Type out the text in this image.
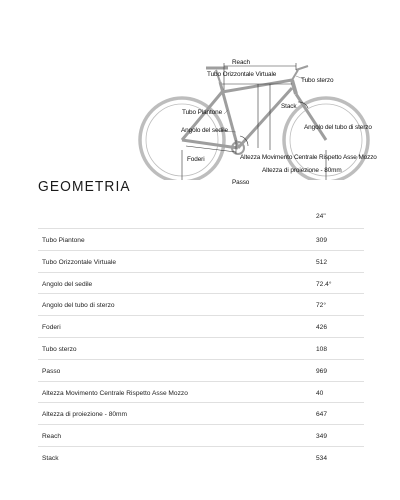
Reach
Tubo Orizzontale Virtuale
Tubo sterzo
Tubo Piantone
Stack
Angolo del sedile	Angolo del tubo di sterzo
Foderi	Altezza Movimento Centrale Rispetto Asse Mozzo
Altezza di proiezione - 80mm
Passo
GEOMETRIA
24"
Tubo Piantone	309
Tubo Orizzontale Virtuale	512
Angolo del sedile	72.4°
Angolo del tubo di sterzo	72°
Foderi	426
Tubo sterzo	108
Passo	969
Altezza Movimento Centrale Rispetto Asse Mozzo	40
Altezza di proiezione - 80mm	647
Reach	349
Stack	534
